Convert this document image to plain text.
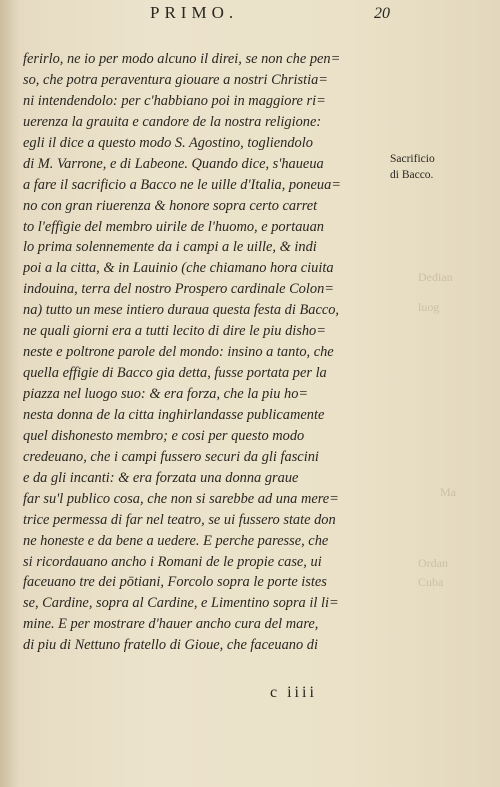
PRIMO.	20
ferirlo, ne io per modo alcuno il direi, se non che pen=
so, che potra peraventura giouare a nostri Christia=
ni intendendolo: per c'habbiano poi in maggiore ri=
uerenza la grauita e candore de la nostra religione:
egli il dice a questo modo S. Agostino, togliendolo
di M. Varrone, e di Labeone. Quando dice, s'haueua
a fare il sacrificio a Bacco ne le uille d'Italia, poneua=
no con gran riuerenza & honore sopra certo carret
to l'effigie del membro uirile de l'huomo, e portauan
lo prima solennemente da i campi a le uille, & indi
poi a la citta, & in Lauinio (che chiamano hora ciuita
indouina, terra del nostro Prospero cardinale Colon=
na) tutto un mese intiero duraua questa festa di Bacco,
ne quali giorni era a tutti lecito di dire le piu disho=
neste e poltrone parole del mondo: insino a tanto, che
quella effigie di Bacco gia detta, fusse portata per la
piazza nel luogo suo: & era forza, che la piu ho=
nesta donna de la citta inghirlandasse publicamente
quel dishonesto membro; e cosi per questo modo
credeuano, che i campi fussero securi da gli fascini
e da gli incanti: & era forzata una donna graue
far su'l publico cosa, che non si sarebbe ad una mere=
trice permessa di far nel teatro, se ui fussero state don
ne honeste e da bene a uedere. E perche paresse, che
si ricordauano ancho i Romani de le propie case, ui
faceuano tre dei pōtiani, Forcolo sopra le porte istes
se, Cardine, sopra al Cardine, e Limentino sopra il li=
mine. E per mostrare d'hauer ancho cura del mare,
di piu di Nettuno fratello di Gioue, che faceuano di
Sacrificio
di Bacco.
c iiii
Dedian
luog
Ma
Ordan
Cuba
